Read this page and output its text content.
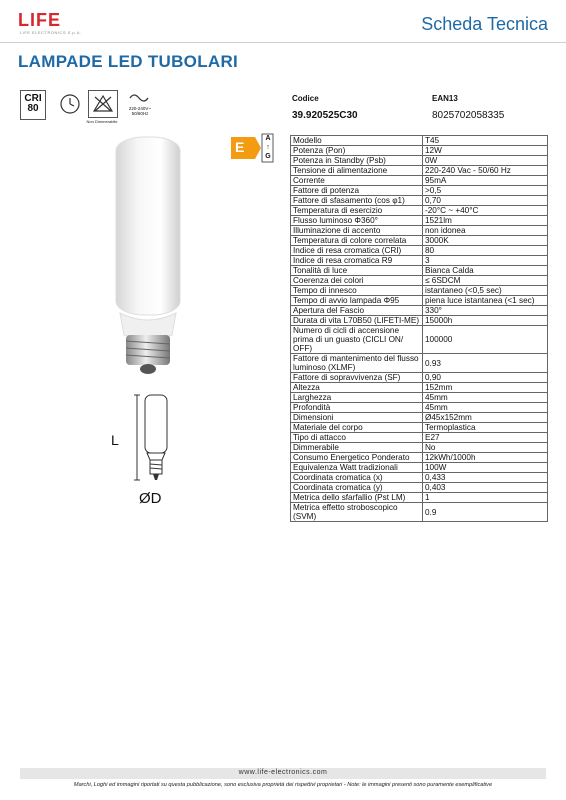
LIFE
LIFE ELECTRONICS S.p.A.	Scheda Tecnica
LAMPADE LED TUBOLARI
CRI
80
Non Dimmerabile
220-240V~
50/60Hz
Codice
39.920525C30
EAN13
8025702058335
E
A
↑
G
L
ØD
Modello	T45
Potenza (Pon)	12W
Potenza in Standby (Psb)	0W
Tensione di alimentazione	220-240 Vac - 50/60 Hz
Corrente	95mA
Fattore di potenza	>0,5
Fattore di sfasamento (cos φ1)	0,70
Temperatura di esercizio	-20°C ~ +40°C
Flusso luminoso Φ360°	1521lm
Illuminazione di accento	non idonea
Temperatura di colore correlata	3000K
Indice di resa cromatica (CRI)	80
Indice di resa cromatica R9	3
Tonalità di luce	Bianca Calda
Coerenza dei colori	≤ 6SDCM
Tempo di innesco	istantaneo (<0,5 sec)
Tempo di avvio lampada Φ95	piena luce istantanea (<1 sec)
Apertura del Fascio	330°
Durata di vita L70B50 (LIFETI-ME)	15000h
Numero di cicli di accensione prima di un guasto (CICLI ON/ OFF)	100000
Fattore di mantenimento del flusso luminoso (XLMF)	0.93
Fattore di sopravvivenza (SF)	0,90
Altezza	152mm
Larghezza	45mm
Profondità	45mm
Dimensioni	Ø45x152mm
Materiale del corpo	Termoplastica
Tipo di attacco	E27
Dimmerabile	No
Consumo Energetico Ponderato	12kWh/1000h
Equivalenza Watt tradizionali	100W
Coordinata cromatica (x)	0,433
Coordinata cromatica (y)	0,403
Metrica dello sfarfallio (Pst LM)	1
Metrica effetto stroboscopico (SVM)	0.9
www.life-electronics.com
Marchi, Loghi ed immagini riportati su questa pubblicazione, sono esclusiva proprietà dei rispettivi proprietari - Note: le immagini presenti sono puramente esemplificative
